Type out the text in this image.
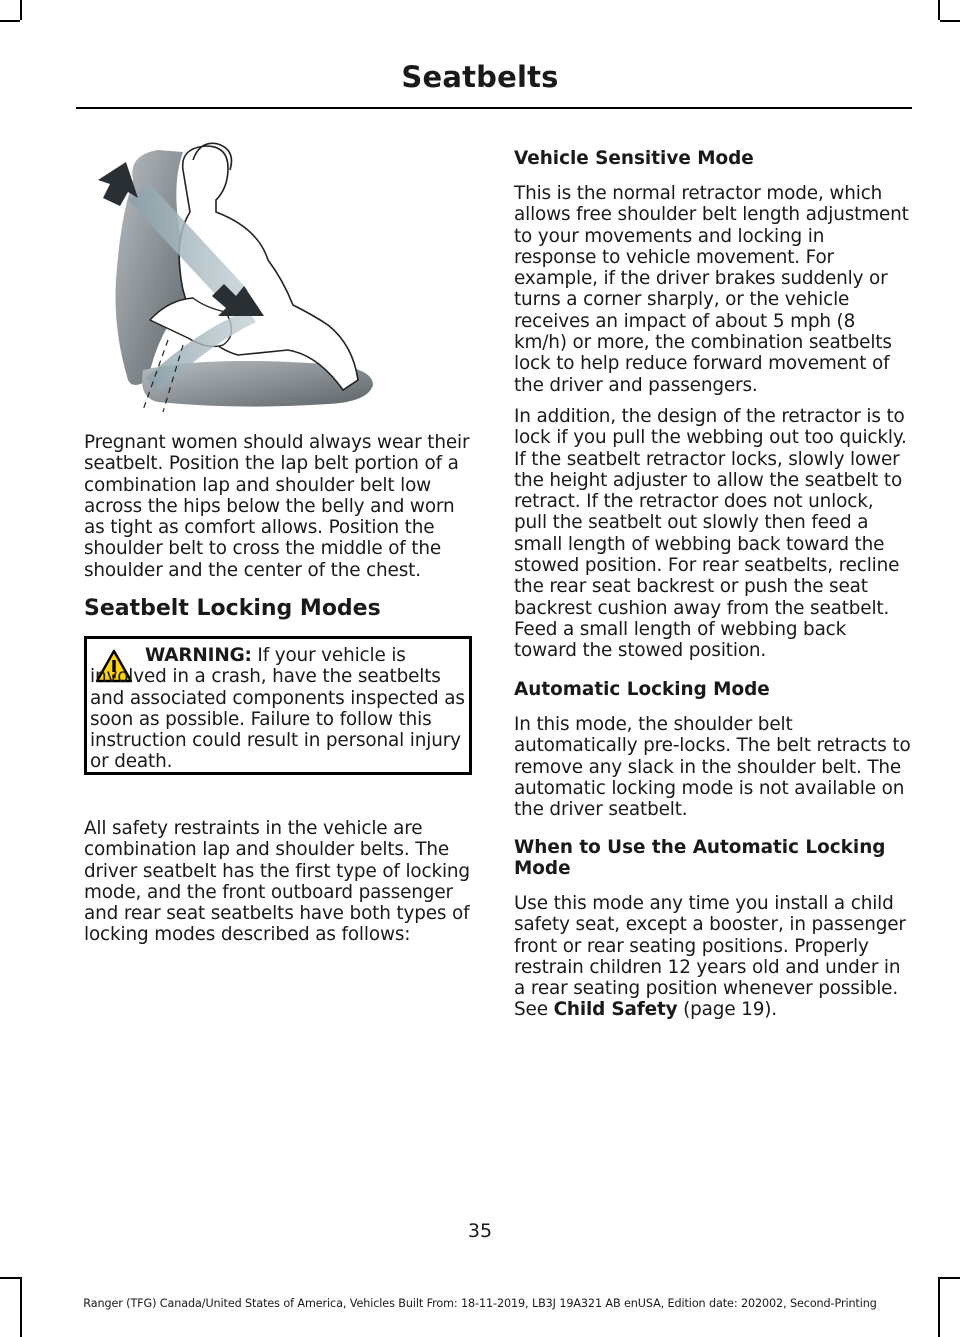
Seatbelts

Pregnant women should always wear their seatbelt. Position the lap belt portion of a combination lap and shoulder belt low across the hips below the belly and worn as tight as comfort allows. Position the shoulder belt to cross the middle of the shoulder and the center of the chest.

Seatbelt Locking Modes

All safety restraints in the vehicle are combination lap and shoulder belts. The driver seatbelt has the first type of locking mode, and the front outboard passenger and rear seat seatbelts have both types of locking modes described as follows:

WARNING: If your vehicle is involved in a crash, have the seatbelts and associated components inspected as soon as possible. Failure to follow this instruction could result in personal injury or death.

Vehicle Sensitive Mode

This is the normal retractor mode, which allows free shoulder belt length adjustment to your movements and locking in response to vehicle movement. For example, if the driver brakes suddenly or turns a corner sharply, or the vehicle receives an impact of about 5 mph (8 km/h) or more, the combination seatbelts lock to help reduce forward movement of the driver and passengers.

In addition, the design of the retractor is to lock if you pull the webbing out too quickly. If the seatbelt retractor locks, slowly lower the height adjuster to allow the seatbelt to retract. If the retractor does not unlock, pull the seatbelt out slowly then feed a small length of webbing back toward the stowed position. For rear seatbelts, recline the rear seat backrest or push the seat backrest cushion away from the seatbelt. Feed a small length of webbing back toward the stowed position.

Automatic Locking Mode

In this mode, the shoulder belt automatically pre-locks. The belt retracts to remove any slack in the shoulder belt. The automatic locking mode is not available on the driver seatbelt.

When to Use the Automatic Locking Mode

Use this mode any time you install a child safety seat, except a booster, in passenger front or rear seating positions. Properly restrain children 12 years old and under in a rear seating position whenever possible. See Child Safety (page 19).

35
Ranger (TFG) Canada/United States of America, Vehicles Built From: 18-11-2019, LB3J 19A321 AB enUSA, Edition date: 202002, Second-Printing
